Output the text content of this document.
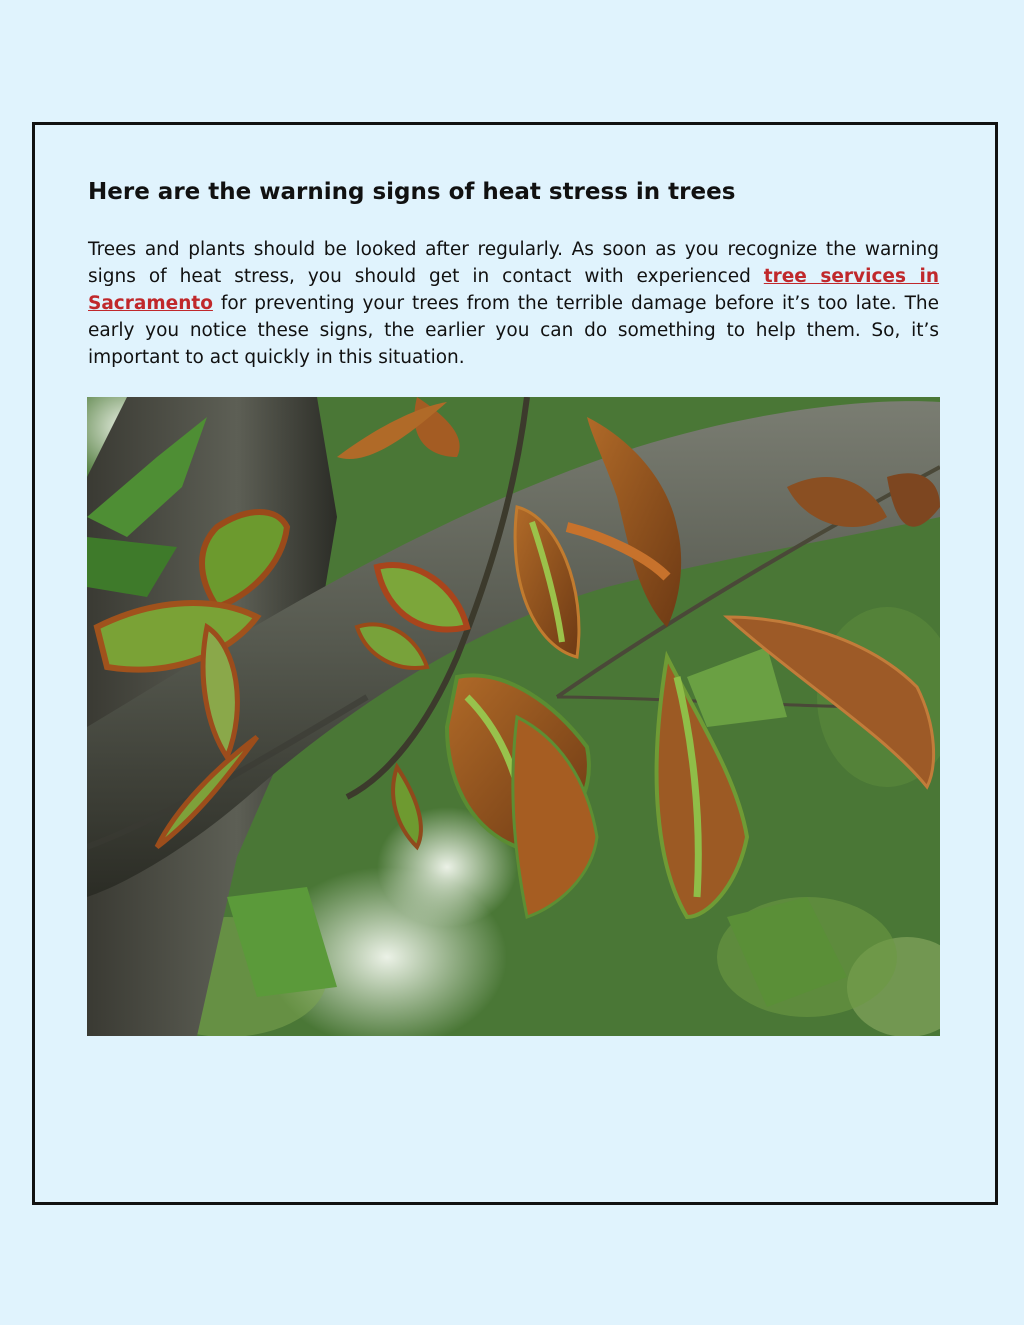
Here are the warning signs of heat stress in trees

Trees and plants should be looked after regularly. As soon as you recognize the warning signs of heat stress, you should get in contact with experienced tree services in Sacramento for preventing your trees from the terrible damage before it’s too late. The early you notice these signs, the earlier you can do something to help them. So, it’s important to act quickly in this situation.
